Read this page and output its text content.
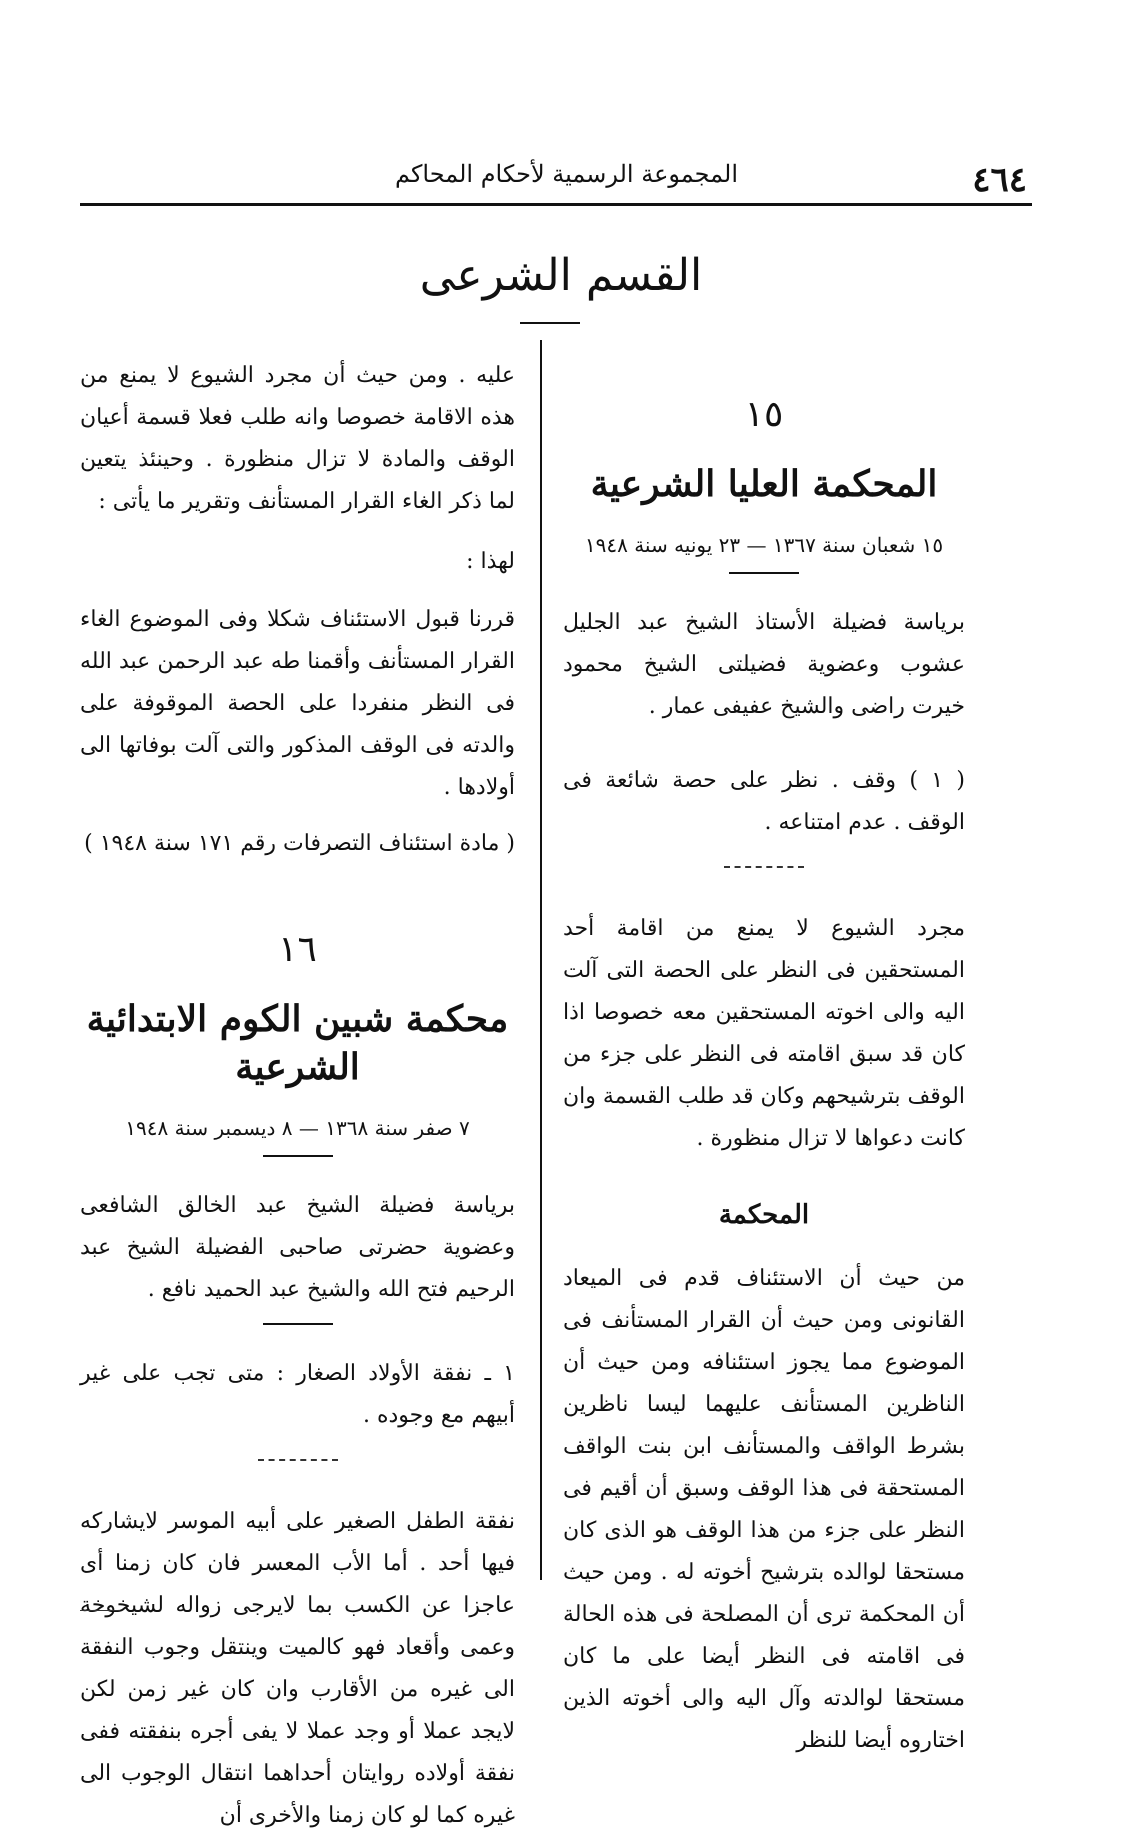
٤٦٤
المجموعة الرسمية لأحكام المحاكم
القسم الشرعى
١٥
المحكمة العليا الشرعية
١٥ شعبان سنة ١٣٦٧ — ٢٣ يونيه سنة ١٩٤٨

برياسة فضيلة الأستاذ الشيخ عبد الجليل عشوب وعضوية فضيلتى الشيخ محمود خيرت راضى والشيخ عفيفى عمار .

( ١ ) وقف . نظر على حصة شائعة فى الوقف . عدم امتناعه .

مجرد الشيوع لا يمنع من اقامة أحد المستحقين فى النظر على الحصة التى آلت اليه والى اخوته المستحقين معه خصوصا اذا كان قد سبق اقامته فى النظر على جزء من الوقف بترشيحهم وكان قد طلب القسمة وان كانت دعواها لا تزال منظورة .

المحكمة

من حيث أن الاستئناف قدم فى الميعاد القانونى ومن حيث أن القرار المستأنف فى الموضوع مما يجوز استئنافه ومن حيث أن الناظرين المستأنف عليهما ليسا ناظرين بشرط الواقف والمستأنف ابن بنت الواقف المستحقة فى هذا الوقف وسبق أن أقيم فى النظر على جزء من هذا الوقف هو الذى كان مستحقا لوالده بترشيح أخوته له . ومن حيث أن المحكمة ترى أن المصلحة فى هذه الحالة فى اقامته فى النظر أيضا على ما كان مستحقا لوالدته وآل اليه والى أخوته الذين اختاروه أيضا للنظر

عليه . ومن حيث أن مجرد الشيوع لا يمنع من هذه الاقامة خصوصا وانه طلب فعلا قسمة أعيان الوقف والمادة لا تزال منظورة . وحينئذ يتعين لما ذكر الغاء القرار المستأنف وتقرير ما يأتى :

لهذا :

قررنا قبول الاستئناف شكلا وفى الموضوع الغاء القرار المستأنف وأقمنا طه عبد الرحمن عبد الله فى النظر منفردا على الحصة الموقوفة على والدته فى الوقف المذكور والتى آلت بوفاتها الى أولادها .

( مادة استئناف التصرفات رقم ١٧١ سنة ١٩٤٨ )

١٦
محكمة شبين الكوم الابتدائية الشرعية
٧ صفر سنة ١٣٦٨ — ٨ ديسمبر سنة ١٩٤٨

برياسة فضيلة الشيخ عبد الخالق الشافعى وعضوية حضرتى صاحبى الفضيلة الشيخ عبد الرحيم فتح الله والشيخ عبد الحميد نافع .

١ ـ نفقة الأولاد الصغار : متى تجب على غير أبيهم مع وجوده .

نفقة الطفل الصغير على أبيه الموسر لايشاركه فيها أحد . أما الأب المعسر فان كان زمنا أى عاجزا عن الكسب بما لايرجى زواله لشيخوخة وعمى وأقعاد فهو كالميت وينتقل وجوب النفقة الى غيره من الأقارب وان كان غير زمن لكن لايجد عملا أو وجد عملا لا يفى أجره بنفقته ففى نفقة أولاده روايتان أحداهما انتقال الوجوب الى غيره كما لو كان زمنا والأخرى أن
